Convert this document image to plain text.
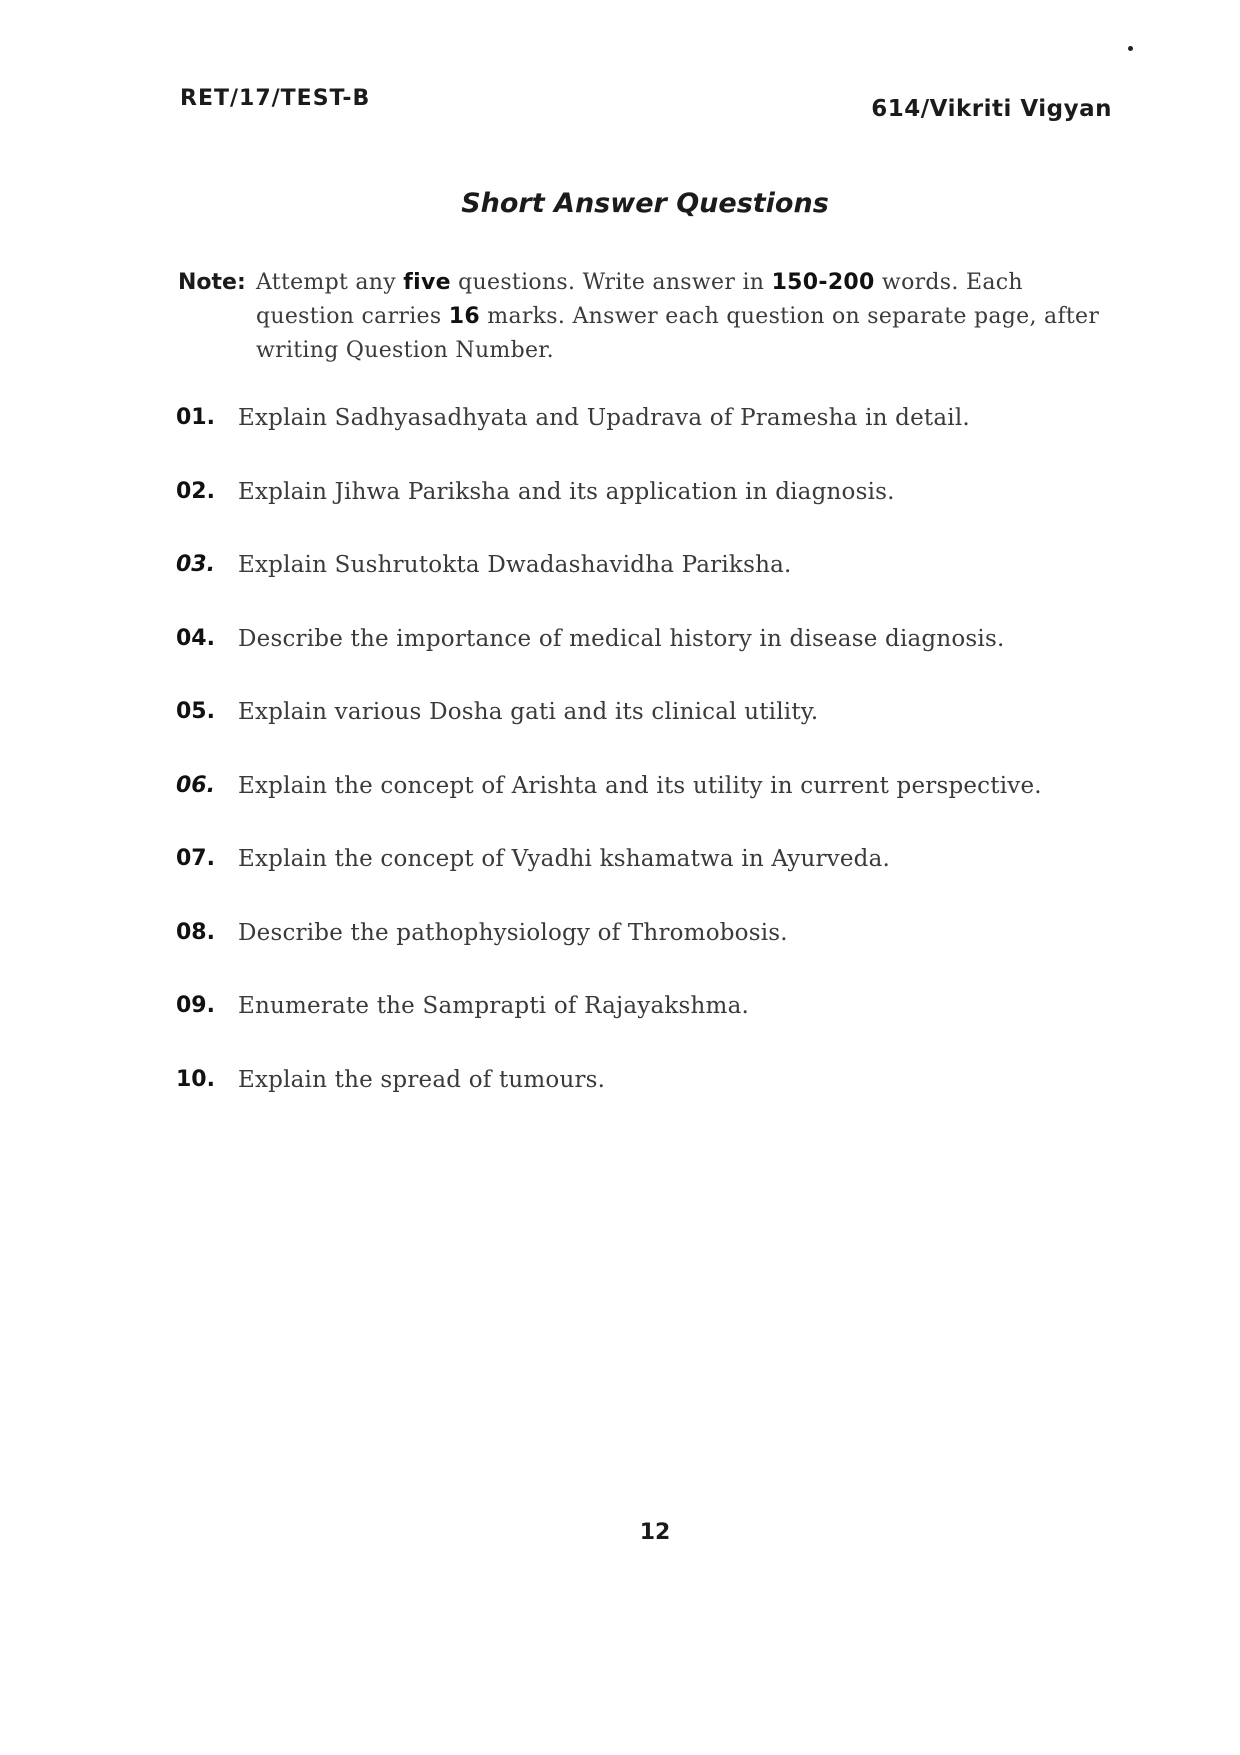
RET/17/TEST-B	614/Vikriti Vigyan
Short Answer Questions
Note: Attempt any five questions. Write answer in 150-200 words. Each question carries 16 marks. Answer each question on separate page, after writing Question Number.
01.	Explain Sadhyasadhyata and Upadrava of Pramesha in detail.
02.	Explain Jihwa Pariksha and its application in diagnosis.
03.	Explain Sushrutokta Dwadashavidha Pariksha.
04.	Describe the importance of medical history in disease diagnosis.
05.	Explain various Dosha gati and its clinical utility.
06.	Explain the concept of Arishta and its utility in current perspective.
07.	Explain the concept of Vyadhi kshamatwa in Ayurveda.
08.	Describe the pathophysiology of Thromobosis.
09.	Enumerate the Samprapti of Rajayakshma.
10.	Explain the spread of tumours.
12
